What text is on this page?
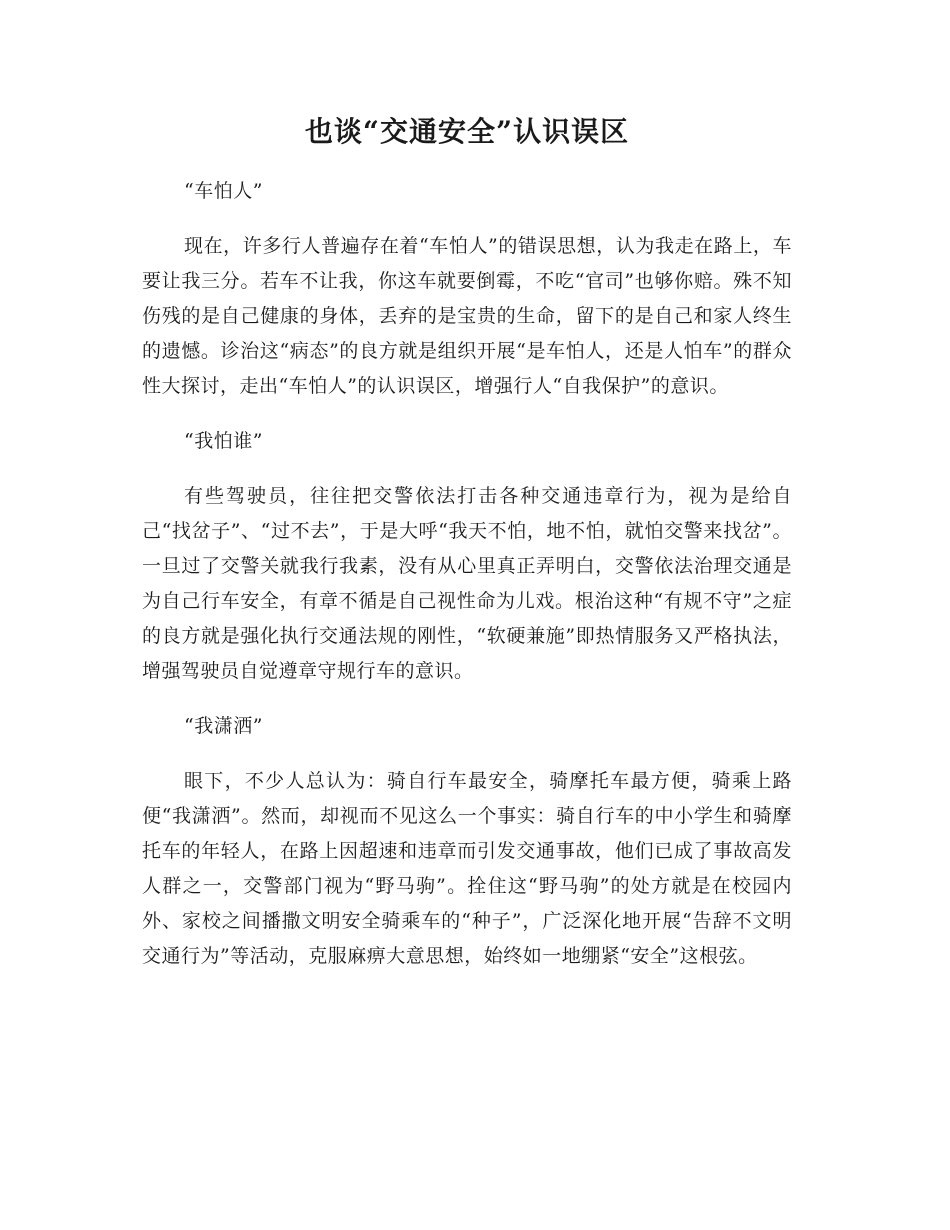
也谈“交通安全”认识误区

“车怕人”

现在，许多行人普遍存在着“车怕人”的错误思想，认为我走在路上，车要让我三分。若车不让我，你这车就要倒霉，不吃“官司”也够你赔。殊不知伤残的是自己健康的身体，丢弃的是宝贵的生命，留下的是自己和家人终生的遗憾。诊治这“病态”的良方就是组织开展“是车怕人，还是人怕车”的群众性大探讨，走出“车怕人”的认识误区，增强行人“自我保护”的意识。

“我怕谁”

有些驾驶员，往往把交警依法打击各种交通违章行为，视为是给自己“找岔子”、“过不去”，于是大呼“我天不怕，地不怕，就怕交警来找岔”。一旦过了交警关就我行我素，没有从心里真正弄明白，交警依法治理交通是为自己行车安全，有章不循是自己视性命为儿戏。根治这种“有规不守”之症的良方就是强化执行交通法规的刚性，“软硬兼施”即热情服务又严格执法，增强驾驶员自觉遵章守规行车的意识。

“我潇洒”

眼下，不少人总认为：骑自行车最安全，骑摩托车最方便，骑乘上路便“我潇洒”。然而，却视而不见这么一个事实：骑自行车的中小学生和骑摩托车的年轻人，在路上因超速和违章而引发交通事故，他们已成了事故高发人群之一，交警部门视为“野马驹”。拴住这“野马驹”的处方就是在校园内外、家校之间播撒文明安全骑乘车的“种子”，广泛深化地开展“告辞不文明交通行为”等活动，克服麻痹大意思想，始终如一地绷紧“安全”这根弦。
